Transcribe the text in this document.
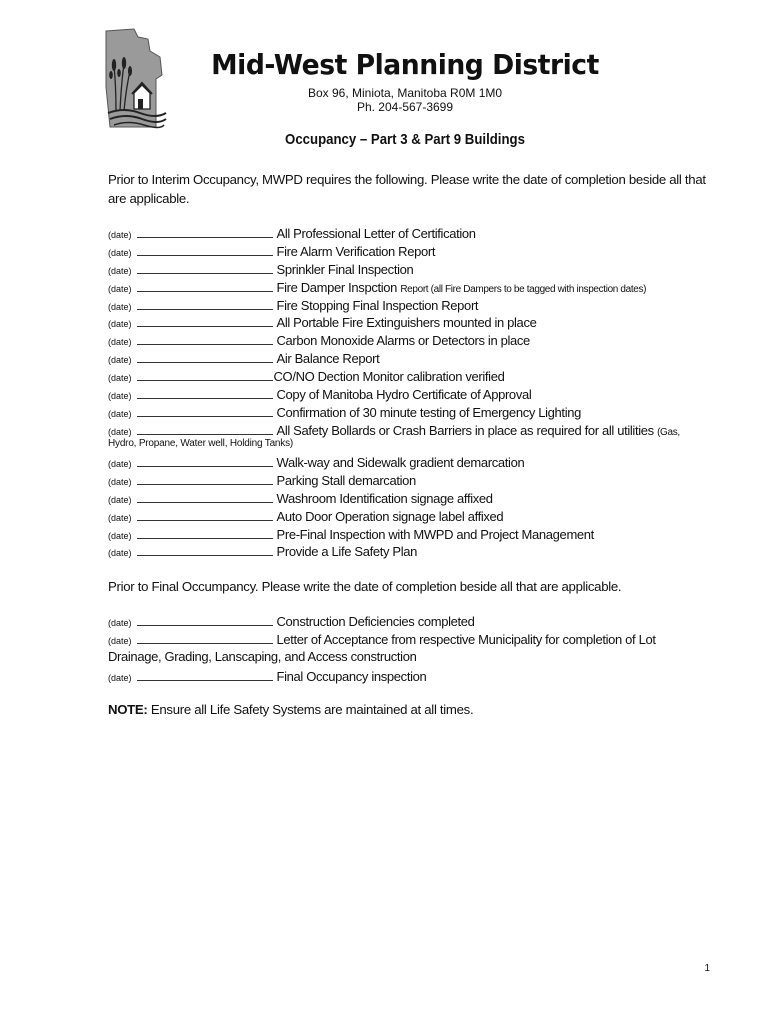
Mid-West Planning District
Box 96, Miniota, Manitoba R0M 1M0
Ph. 204-567-3699
Occupancy – Part 3 & Part 9 Buildings
Prior to Interim Occupancy, MWPD requires the following. Please write the date of completion beside all that are applicable.
(date)	All Professional Letter of Certification
(date)	Fire Alarm Verification Report
(date)	Sprinkler Final Inspection
(date)	Fire Damper Inspction Report (all Fire Dampers to be tagged with inspection dates)
(date)	Fire Stopping Final Inspection Report
(date)	All Portable Fire Extinguishers mounted in place
(date)	Carbon Monoxide Alarms or Detectors in place
(date)	Air Balance Report
(date)	CO/NO Dection Monitor calibration verified
(date)	Copy of Manitoba Hydro Certificate of Approval
(date)	Confirmation of 30 minute testing of Emergency Lighting
(date)	All Safety Bollards or Crash Barriers in place as required for all utilities (Gas,
Hydro, Propane, Water well, Holding Tanks)
(date)	Walk-way and Sidewalk gradient demarcation
(date)	Parking Stall demarcation
(date)	Washroom Identification signage affixed
(date)	Auto Door Operation signage label affixed
(date)	Pre-Final Inspection with MWPD and Project Management
(date)	Provide a Life Safety Plan
Prior to Final Occumpancy. Please write the date of completion beside all that are applicable.
(date)	Construction Deficiencies completed
(date)	Letter of Acceptance from respective Municipality for completion of Lot
Drainage, Grading, Lanscaping, and Access construction
(date)	Final Occupancy inspection
NOTE: Ensure all Life Safety Systems are maintained at all times.
1
